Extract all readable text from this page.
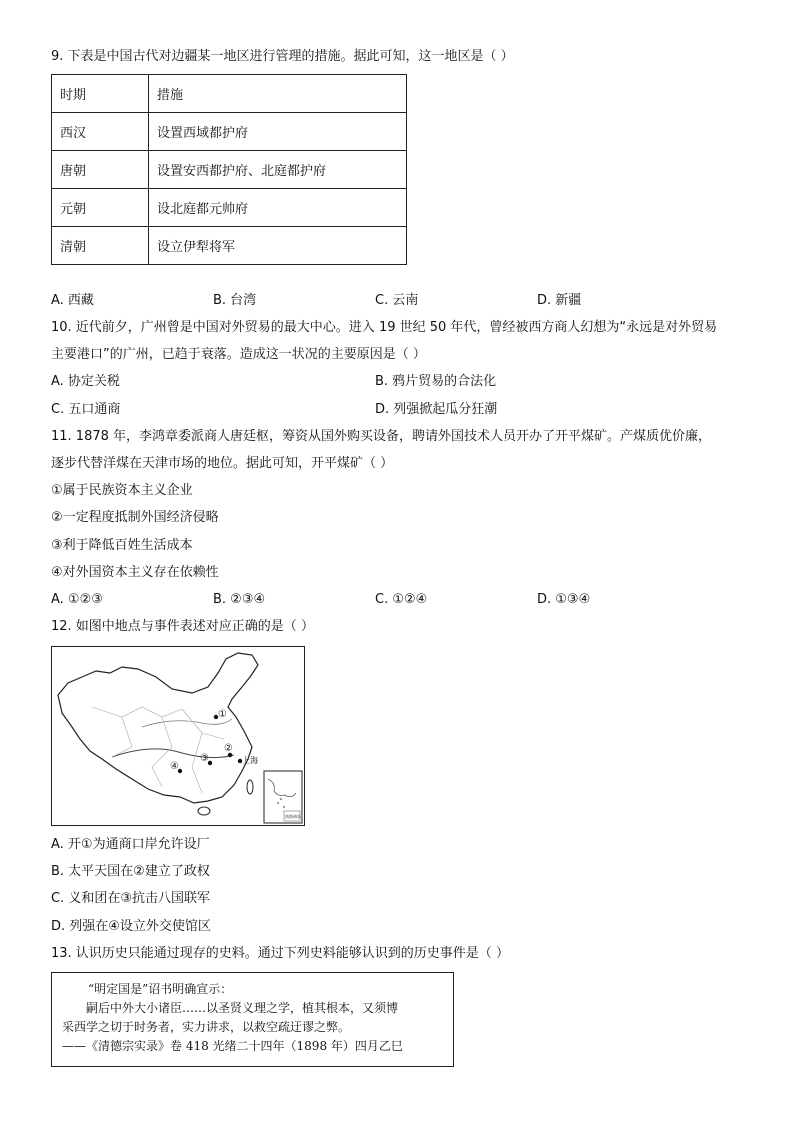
9. 下表是中国古代对边疆某一地区进行管理的措施。据此可知，这一地区是（ ）
时期	措施
西汉	设置西域都护府
唐朝	设置安西都护府、北庭都护府
元朝	设北庭都元帅府
清朝	设立伊犁将军
A. 西藏	B. 台湾	C. 云南	D. 新疆
10. 近代前夕，广州曾是中国对外贸易的最大中心。进入 19 世纪 50 年代，曾经被西方商人幻想为“永远是对外贸易
主要港口”的广州，已趋于衰落。造成这一状况的主要原因是（ ）
A. 协定关税	B. 鸦片贸易的合法化
C. 五口通商	D. 列强掀起瓜分狂潮
11. 1878 年，李鸿章委派商人唐廷枢，筹资从国外购买设备，聘请外国技术人员开办了开平煤矿。产煤质优价廉，
逐步代替洋煤在天津市场的地位。据此可知，开平煤矿（ ）
①属于民族资本主义企业
②一定程度抵制外国经济侵略
③利于降低百姓生活成本
④对外国资本主义存在依赖性
A. ①②③	B. ②③④	C. ①②④	D. ①③④
12. 如图中地点与事件表述对应正确的是（ ）
①
②
③
④
上海
南海诸岛
A. 开①为通商口岸允许设厂
B. 太平天国在②建立了政权
C. 义和团在③抗击八国联军
D. 列强在④设立外交使馆区
13. 认识历史只能通过现存的史料。通过下列史料能够认识到的历史事件是（ ）
“明定国是”诏书明确宣示：
嗣后中外大小诸臣……以圣贤义理之学，植其根本，又须博
采西学之切于时务者，实力讲求，以救空疏迂谬之弊。
——《清德宗实录》卷 418 光绪二十四年（1898 年）四月乙巳
